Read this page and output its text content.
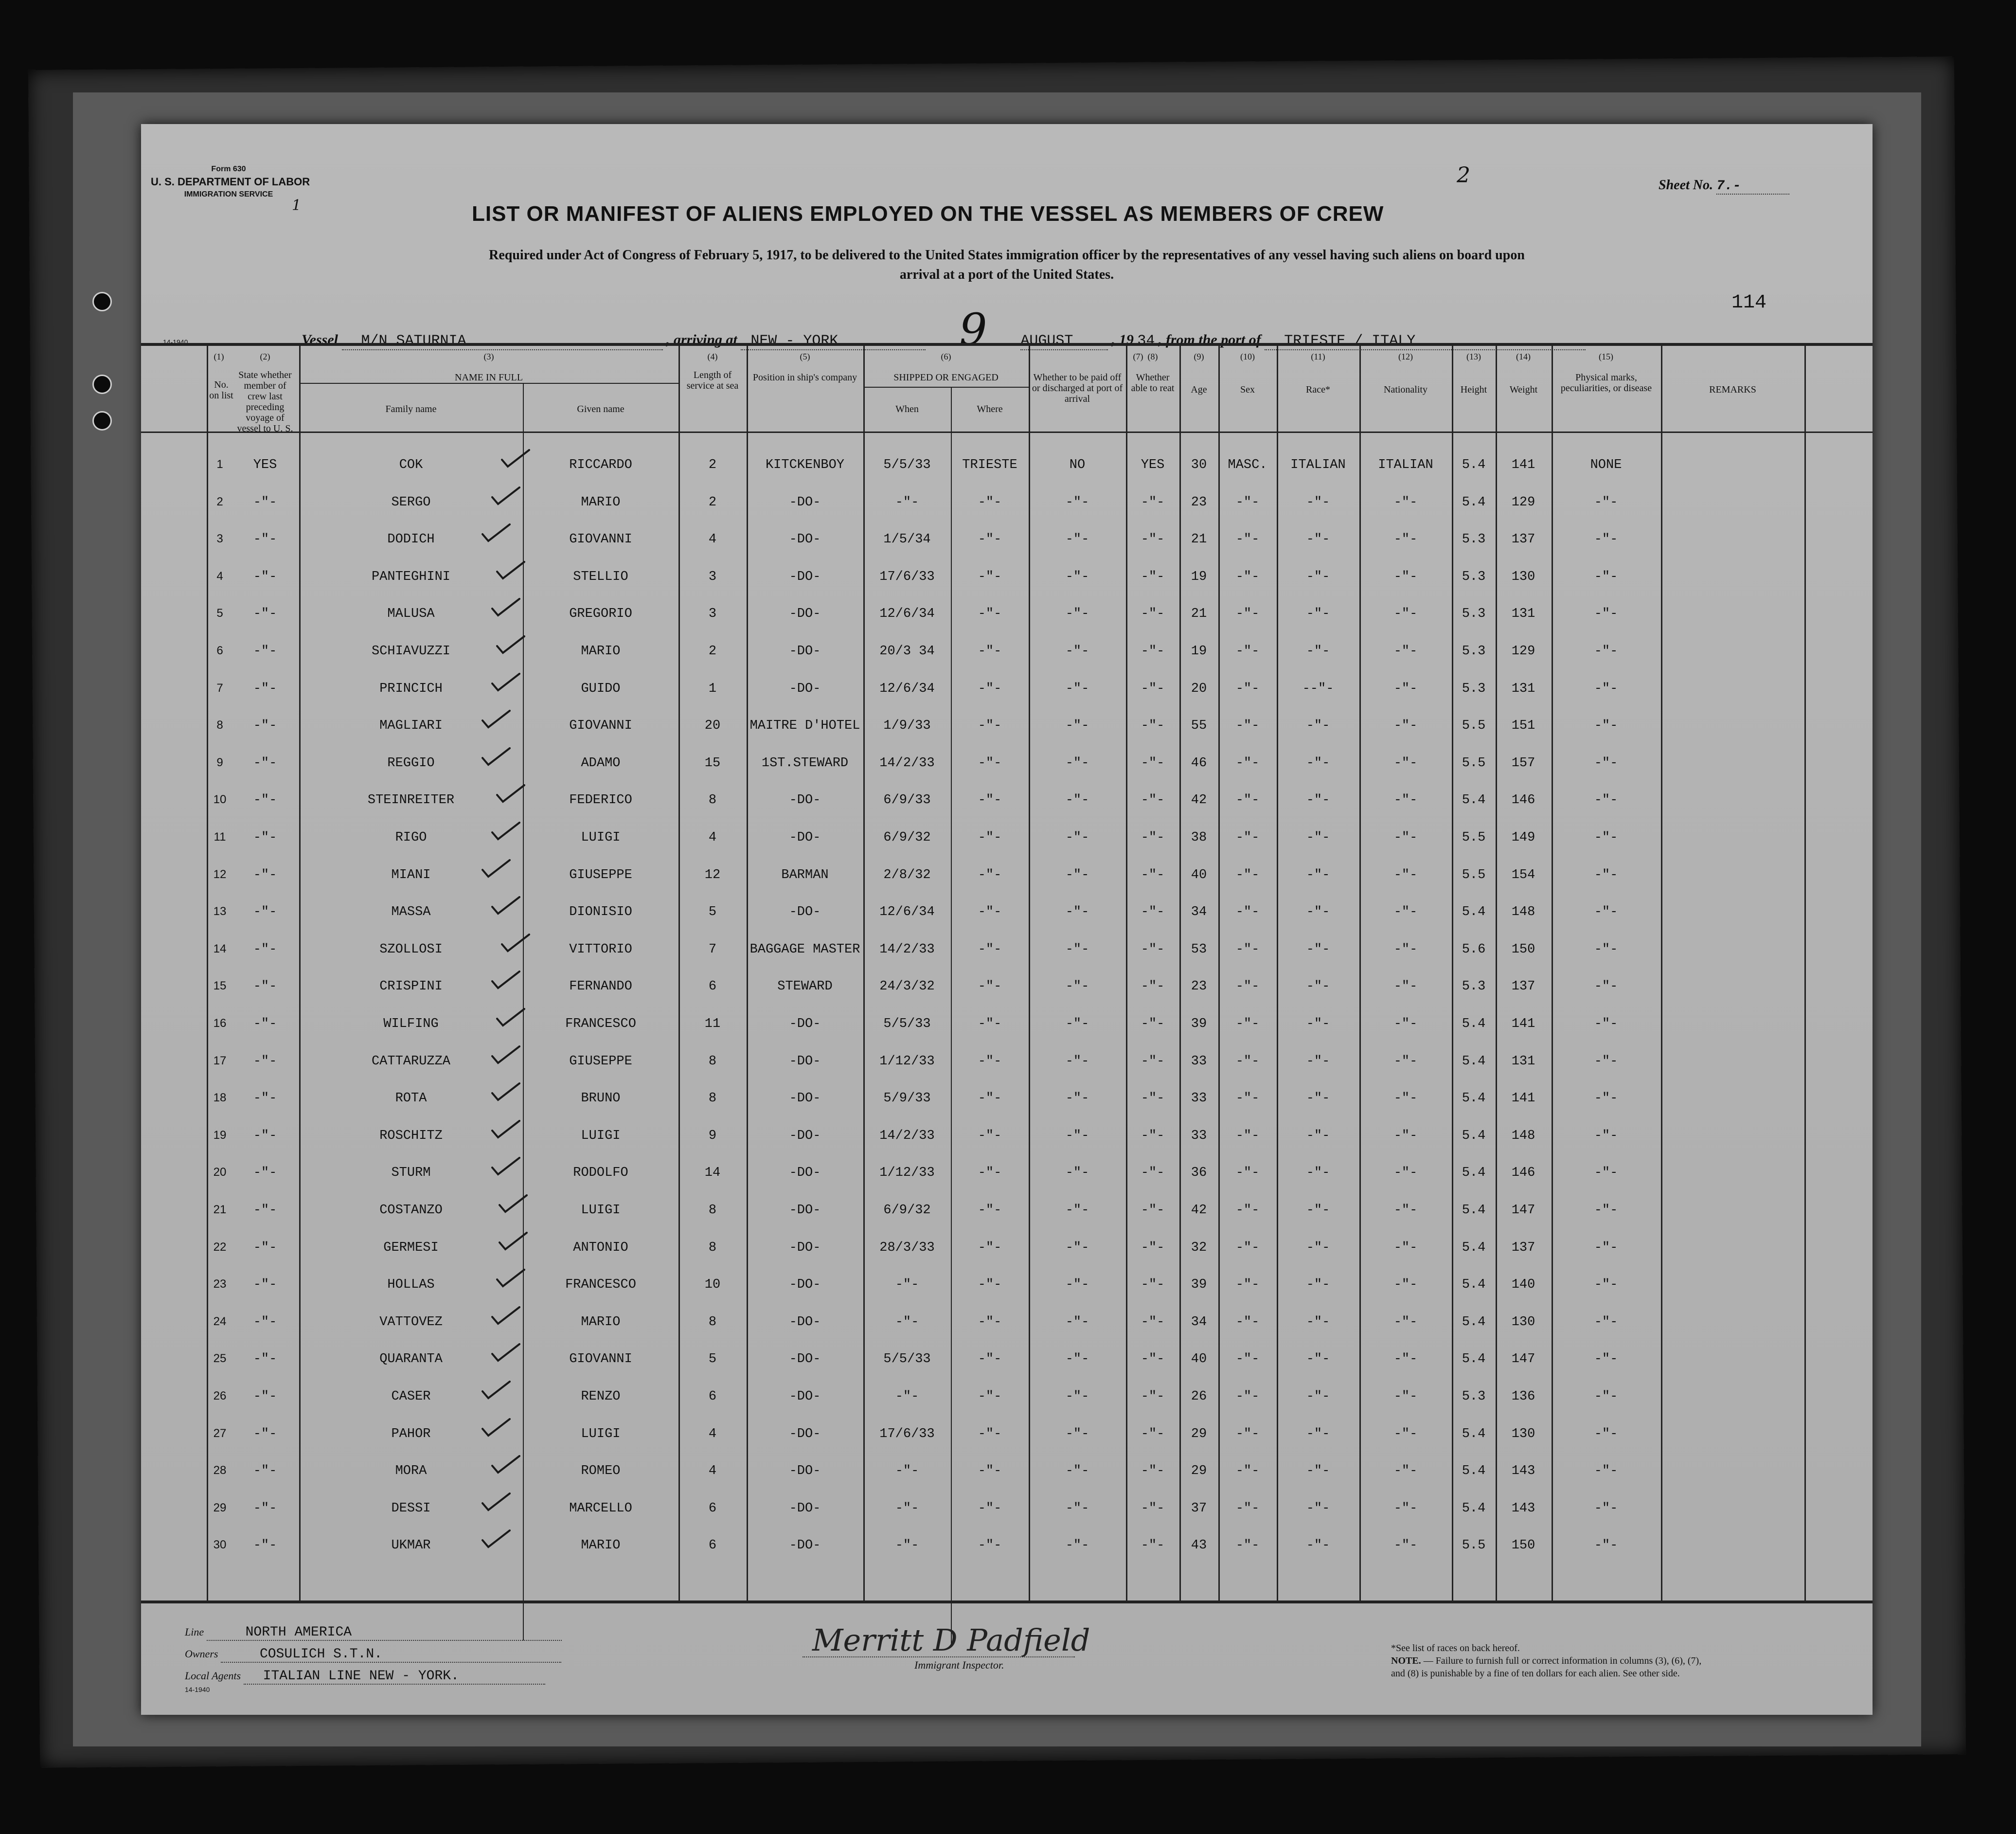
Form 630
U. S. DEPARTMENT OF LABOR
IMMIGRATION SERVICE
1
2	Sheet No. 7.-
LIST OR MANIFEST OF ALIENS EMPLOYED ON THE VESSEL AS MEMBERS OF CREW
Required under Act of Congress of February 5, 1917, to be delivered to the United States immigration officer by the representatives of any vessel having such aliens on board upon
arrival at a port of the United States.
Vessel M/N SATURNIA	, arriving at NEW - YORK	9 AUGUST	, 19 34 , from the port of TRIESTE / ITALY
114
14-1940
(1)	(2)	(3)	(4)	(5)	(6)	(7) (8)	(9)	(10)	(11)	(12)	(13)	(14)	(15)
No. on list
State whether member of crew last preceding voyage of vessel to U. S.
NAME IN FULL
Family name	Given name
Length of service at sea
Position in ship's company	SHIPPED OR ENGAGED
When	Where
Whether to be paid off or discharged at port of arrival
Whether able to reat	Age	Sex	Race*	Nationality	Height	Weight
Physical marks, peculiarities, or disease	REMARKS
1	YES	COK	RICCARDO	2	KITCKENBOY	5/5/33	TRIESTE	NO	YES	30	MASC.	ITALIAN	ITALIAN	5.4	141	NONE
2	-"-	SERGO	MARIO	2	-DO-	-"-	-"-	-"-	-"-	23	-"-	-"-	-"-	5.4	129	-"-
3	-"-	DODICH	GIOVANNI	4	-DO-	1/5/34	-"-	-"-	-"-	21	-"-	-"-	-"-	5.3	137	-"-
4	-"-	PANTEGHINI	STELLIO	3	-DO-	17/6/33	-"-	-"-	-"-	19	-"-	-"-	-"-	5.3	130	-"-
5	-"-	MALUSA	GREGORIO	3	-DO-	12/6/34	-"-	-"-	-"-	21	-"-	-"-	-"-	5.3	131	-"-
6	-"-	SCHIAVUZZI	MARIO	2	-DO-	20/3 34	-"-	-"-	-"-	19	-"-	-"-	-"-	5.3	129	-"-
7	-"-	PRINCICH	GUIDO	1	-DO-	12/6/34	-"-	-"-	-"-	20	-"-	--"-	-"-	5.3	131	-"-
8	-"-	MAGLIARI	GIOVANNI	20	MAITRE D'HOTEL	1/9/33	-"-	-"-	-"-	55	-"-	-"-	-"-	5.5	151	-"-
9	-"-	REGGIO	ADAMO	15	1ST.STEWARD	14/2/33	-"-	-"-	-"-	46	-"-	-"-	-"-	5.5	157	-"-
10	-"-	STEINREITER	FEDERICO	8	-DO-	6/9/33	-"-	-"-	-"-	42	-"-	-"-	-"-	5.4	146	-"-
11	-"-	RIGO	LUIGI	4	-DO-	6/9/32	-"-	-"-	-"-	38	-"-	-"-	-"-	5.5	149	-"-
12	-"-	MIANI	GIUSEPPE	12	BARMAN	2/8/32	-"-	-"-	-"-	40	-"-	-"-	-"-	5.5	154	-"-
13	-"-	MASSA	DIONISIO	5	-DO-	12/6/34	-"-	-"-	-"-	34	-"-	-"-	-"-	5.4	148	-"-
14	-"-	SZOLLOSI	VITTORIO	7	BAGGAGE MASTER	14/2/33	-"-	-"-	-"-	53	-"-	-"-	-"-	5.6	150	-"-
15	-"-	CRISPINI	FERNANDO	6	STEWARD	24/3/32	-"-	-"-	-"-	23	-"-	-"-	-"-	5.3	137	-"-
16	-"-	WILFING	FRANCESCO	11	-DO-	5/5/33	-"-	-"-	-"-	39	-"-	-"-	-"-	5.4	141	-"-
17	-"-	CATTARUZZA	GIUSEPPE	8	-DO-	1/12/33	-"-	-"-	-"-	33	-"-	-"-	-"-	5.4	131	-"-
18	-"-	ROTA	BRUNO	8	-DO-	5/9/33	-"-	-"-	-"-	33	-"-	-"-	-"-	5.4	141	-"-
19	-"-	ROSCHITZ	LUIGI	9	-DO-	14/2/33	-"-	-"-	-"-	33	-"-	-"-	-"-	5.4	148	-"-
20	-"-	STURM	RODOLFO	14	-DO-	1/12/33	-"-	-"-	-"-	36	-"-	-"-	-"-	5.4	146	-"-
21	-"-	COSTANZO	LUIGI	8	-DO-	6/9/32	-"-	-"-	-"-	42	-"-	-"-	-"-	5.4	147	-"-
22	-"-	GERMESI	ANTONIO	8	-DO-	28/3/33	-"-	-"-	-"-	32	-"-	-"-	-"-	5.4	137	-"-
23	-"-	HOLLAS	FRANCESCO	10	-DO-	-"-	-"-	-"-	-"-	39	-"-	-"-	-"-	5.4	140	-"-
24	-"-	VATTOVEZ	MARIO	8	-DO-	-"-	-"-	-"-	-"-	34	-"-	-"-	-"-	5.4	130	-"-
25	-"-	QUARANTA	GIOVANNI	5	-DO-	5/5/33	-"-	-"-	-"-	40	-"-	-"-	-"-	5.4	147	-"-
26	-"-	CASER	RENZO	6	-DO-	-"-	-"-	-"-	-"-	26	-"-	-"-	-"-	5.3	136	-"-
27	-"-	PAHOR	LUIGI	4	-DO-	17/6/33	-"-	-"-	-"-	29	-"-	-"-	-"-	5.4	130	-"-
28	-"-	MORA	ROMEO	4	-DO-	-"-	-"-	-"-	-"-	29	-"-	-"-	-"-	5.4	143	-"-
29	-"-	DESSI	MARCELLO	6	-DO-	-"-	-"-	-"-	-"-	37	-"-	-"-	-"-	5.4	143	-"-
30	-"-	UKMAR	MARIO	6	-DO-	-"-	-"-	-"-	-"-	43	-"-	-"-	-"-	5.5	150	-"-
Line	NORTH AMERICA
Owners	COSULICH S.T.N.
Local Agents ITALIAN LINE NEW - YORK.
14-1940
Merritt D Padfield
Immigrant Inspector.
*See list of races on back hereof.
NOTE. — Failure to furnish full or correct information in columns (3), (6), (7),
and (8) is punishable by a fine of ten dollars for each alien. See other side.
